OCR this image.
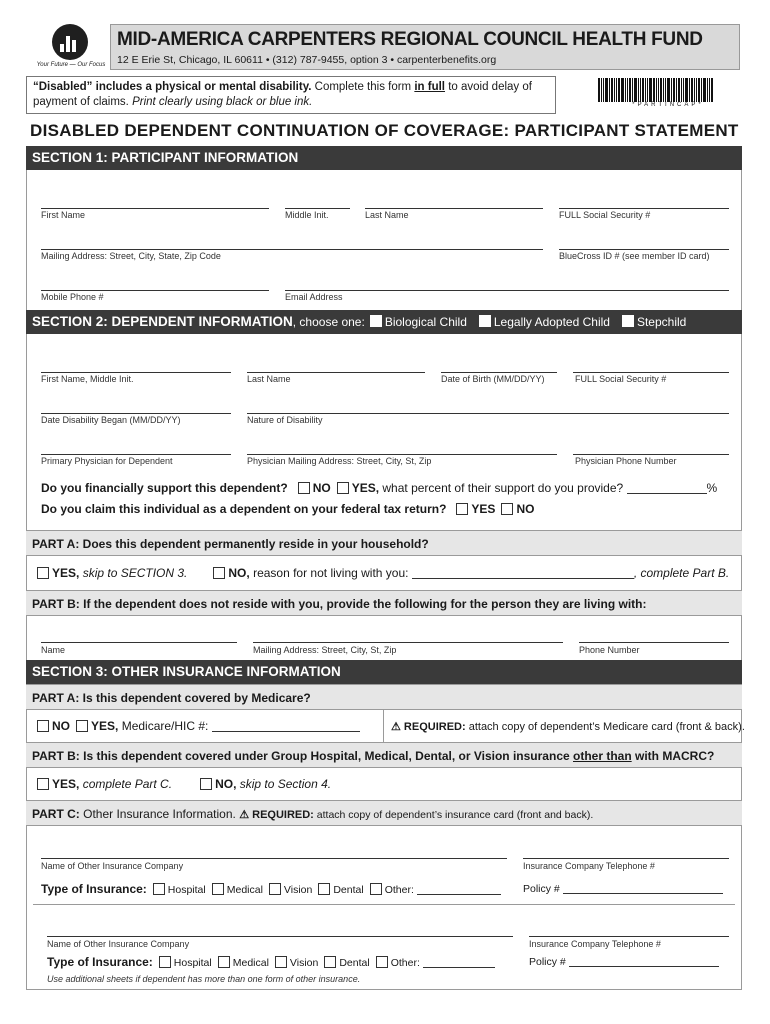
Your Future — Our Focus
MID-AMERICA CARPENTERS REGIONAL COUNCIL HEALTH FUND
12 E Erie St, Chicago, IL 60611 • (312) 787-9455, option 3 • carpenterbenefits.org
“Disabled” includes a physical or mental disability. Complete this form in full to avoid delay of payment of claims. Print clearly using black or blue ink.	*PARTINCAP*
DISABLED DEPENDENT CONTINUATION OF COVERAGE: PARTICIPANT STATEMENT
SECTION 1: PARTICIPANT INFORMATION
First Name	Middle Init.	Last Name	FULL Social Security #
Mailing Address: Street, City, State, Zip Code	BlueCross ID # (see member ID card)
Mobile Phone #	Email Address
SECTION 2: DEPENDENT INFORMATION, choose one: Biological Child Legally Adopted Child Stepchild
First Name, Middle Init.	Last Name	Date of Birth (MM/DD/YY)	FULL Social Security #
Date Disability Began (MM/DD/YY)	Nature of Disability
Primary Physician for Dependent	Physician Mailing Address: Street, City, St, Zip	Physician Phone Number
Do you financially support this dependent? NO YES, what percent of their support do you provide?	%
Do you claim this individual as a dependent on your federal tax return? YES NO
PART A: Does this dependent permanently reside in your household?
YES, skip to SECTION 3.	NO, reason for not living with you:	, complete Part B.
PART B: If the dependent does not reside with you, provide the following for the person they are living with:
Name	Mailing Address: Street, City, St, Zip	Phone Number
SECTION 3: OTHER INSURANCE INFORMATION
PART A: Is this dependent covered by Medicare?
NO YES, Medicare/HIC #:	⚠ REQUIRED: attach copy of dependent’s Medicare card (front & back).
PART B: Is this dependent covered under Group Hospital, Medical, Dental, or Vision insurance other than with MACRC?
YES, complete Part C.	NO, skip to Section 4.
PART C: Other Insurance Information. ⚠ REQUIRED: attach copy of dependent’s insurance card (front and back).
Name of Other Insurance Company	Insurance Company Telephone #
Type of Insurance: Hospital Medical Vision Dental Other:	Policy #
Name of Other Insurance Company	Insurance Company Telephone #
Type of Insurance: Hospital Medical Vision Dental Other:	Policy #
Use additional sheets if dependent has more than one form of other insurance.
